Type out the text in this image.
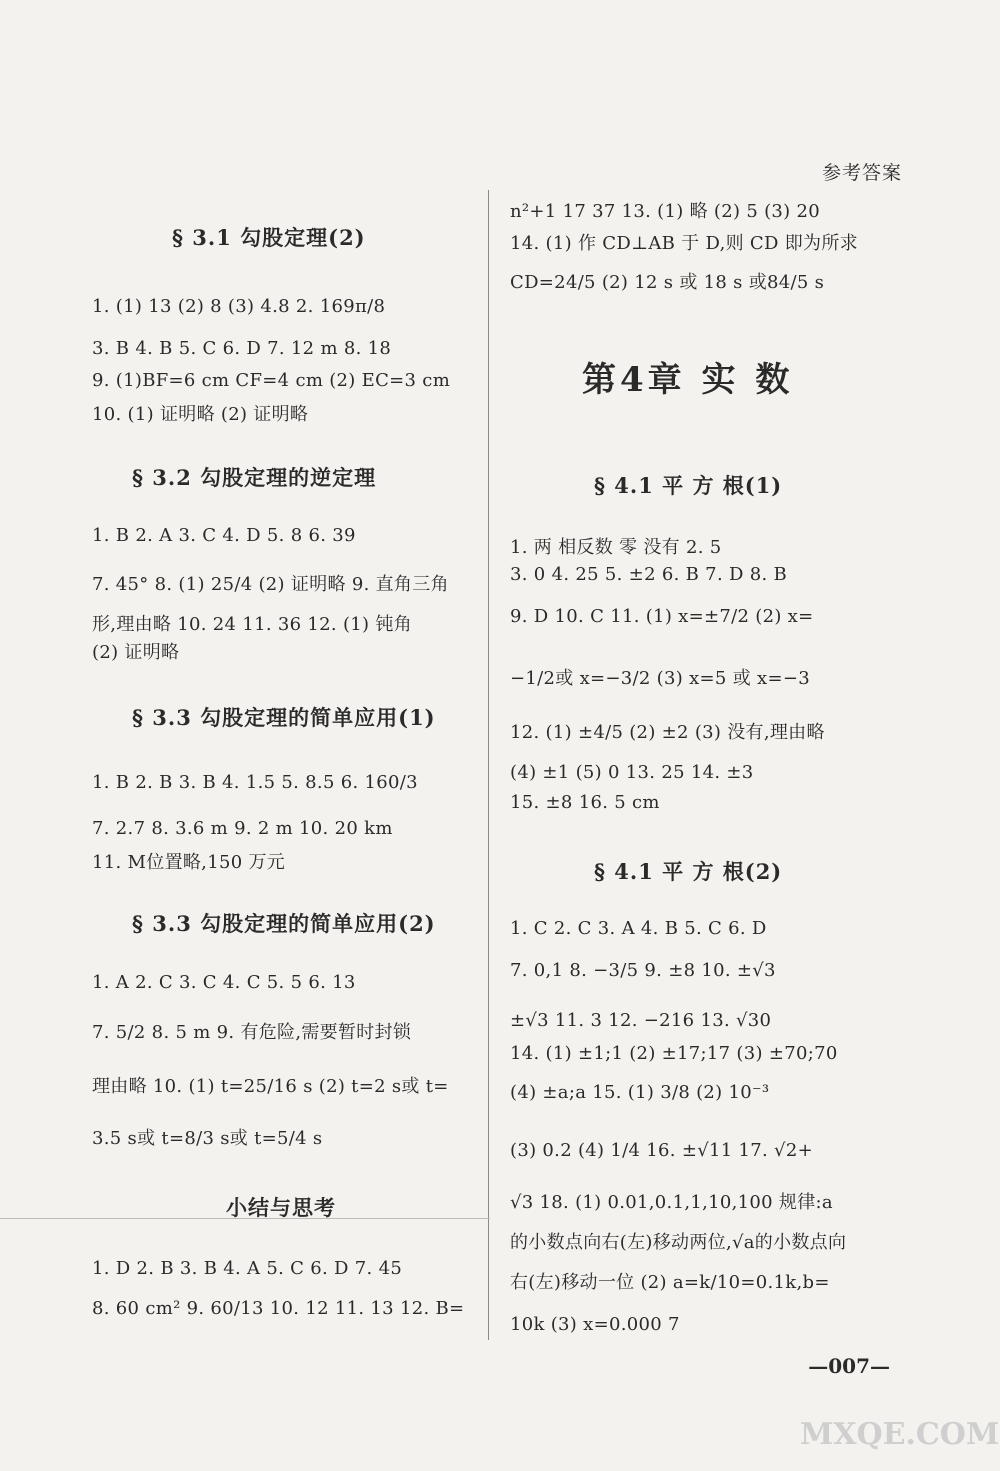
参考答案
§ 3.1 勾股定理(2)
1. (1) 13 (2) 8 (3) 4.8 2. 169π/8
3. B 4. B 5. C 6. D 7. 12 m 8. 18
9. (1)BF=6 cm CF=4 cm (2) EC=3 cm
10. (1) 证明略 (2) 证明略
§ 3.2 勾股定理的逆定理
1. B 2. A 3. C 4. D 5. 8 6. 39
7. 45° 8. (1) 25/4 (2) 证明略 9. 直角三角
形,理由略 10. 24 11. 36 12. (1) 钝角
(2) 证明略
§ 3.3 勾股定理的简单应用(1)
1. B 2. B 3. B 4. 1.5 5. 8.5 6. 160/3
7. 2.7 8. 3.6 m 9. 2 m 10. 20 km
11. M位置略,150 万元
§ 3.3 勾股定理的简单应用(2)
1. A 2. C 3. C 4. C 5. 5 6. 13
7. 5/2 8. 5 m 9. 有危险,需要暂时封锁
理由略 10. (1) t=25/16 s (2) t=2 s或 t=
3.5 s或 t=8/3 s或 t=5/4 s
小结与思考
1. D 2. B 3. B 4. A 5. C 6. D 7. 45
8. 60 cm² 9. 60/13 10. 12 11. 13 12. B=
n²+1 17 37 13. (1) 略 (2) 5 (3) 20
14. (1) 作 CD⊥AB 于 D,则 CD 即为所求
CD=24/5 (2) 12 s 或 18 s 或84/5 s
第4章 实 数
§ 4.1 平 方 根(1)
1. 两 相反数 零 没有 2. 5
3. 0 4. 25 5. ±2 6. B 7. D 8. B
9. D 10. C 11. (1) x=±7/2 (2) x=
−1/2或 x=−3/2 (3) x=5 或 x=−3
12. (1) ±4/5 (2) ±2 (3) 没有,理由略
(4) ±1 (5) 0 13. 25 14. ±3
15. ±8 16. 5 cm
§ 4.1 平 方 根(2)
1. C 2. C 3. A 4. B 5. C 6. D
7. 0,1 8. −3/5 9. ±8 10. ±√3
±√3 11. 3 12. −216 13. √30
14. (1) ±1;1 (2) ±17;17 (3) ±70;70
(4) ±a;a 15. (1) 3/8 (2) 10⁻³
(3) 0.2 (4) 1/4 16. ±√11 17. √2+
√3 18. (1) 0.01,0.1,1,10,100 规律:a
的小数点向右(左)移动两位,√a的小数点向
右(左)移动一位 (2) a=k/10=0.1k,b=
10k (3) x=0.000 7
—007—
MXQE.COM
